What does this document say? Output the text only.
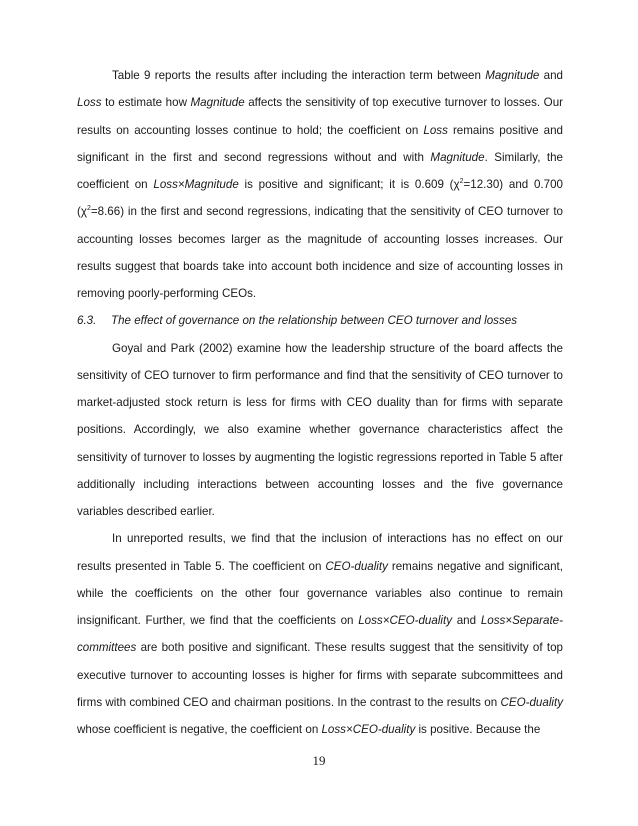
Table 9 reports the results after including the interaction term between Magnitude and Loss to estimate how Magnitude affects the sensitivity of top executive turnover to losses. Our results on accounting losses continue to hold; the coefficient on Loss remains positive and significant in the first and second regressions without and with Magnitude. Similarly, the coefficient on Loss×Magnitude is positive and significant; it is 0.609 $(\chi^2=12.30)$ and 0.700 $(\chi^2=8.66)$ in the first and second regressions, indicating that the sensitivity of CEO turnover to accounting losses becomes larger as the magnitude of accounting losses increases. Our results suggest that boards take into account both incidence and size of accounting losses in removing poorly-performing CEOs.

6.3.	The effect of governance on the relationship between CEO turnover and losses

Goyal and Park (2002) examine how the leadership structure of the board affects the sensitivity of CEO turnover to firm performance and find that the sensitivity of CEO turnover to market-adjusted stock return is less for firms with CEO duality than for firms with separate positions. Accordingly, we also examine whether governance characteristics affect the sensitivity of turnover to losses by augmenting the logistic regressions reported in Table 5 after additionally including interactions between accounting losses and the five governance variables described earlier.

In unreported results, we find that the inclusion of interactions has no effect on our results presented in Table 5. The coefficient on CEO-duality remains negative and significant, while the coefficients on the other four governance variables also continue to remain insignificant. Further, we find that the coefficients on Loss×CEO-duality and Loss×Separate-committees are both positive and significant. These results suggest that the sensitivity of top executive turnover to accounting losses is higher for firms with separate subcommittees and firms with combined CEO and chairman positions. In the contrast to the results on CEO-duality whose coefficient is negative, the coefficient on Loss×CEO-duality is positive. Because the

19
